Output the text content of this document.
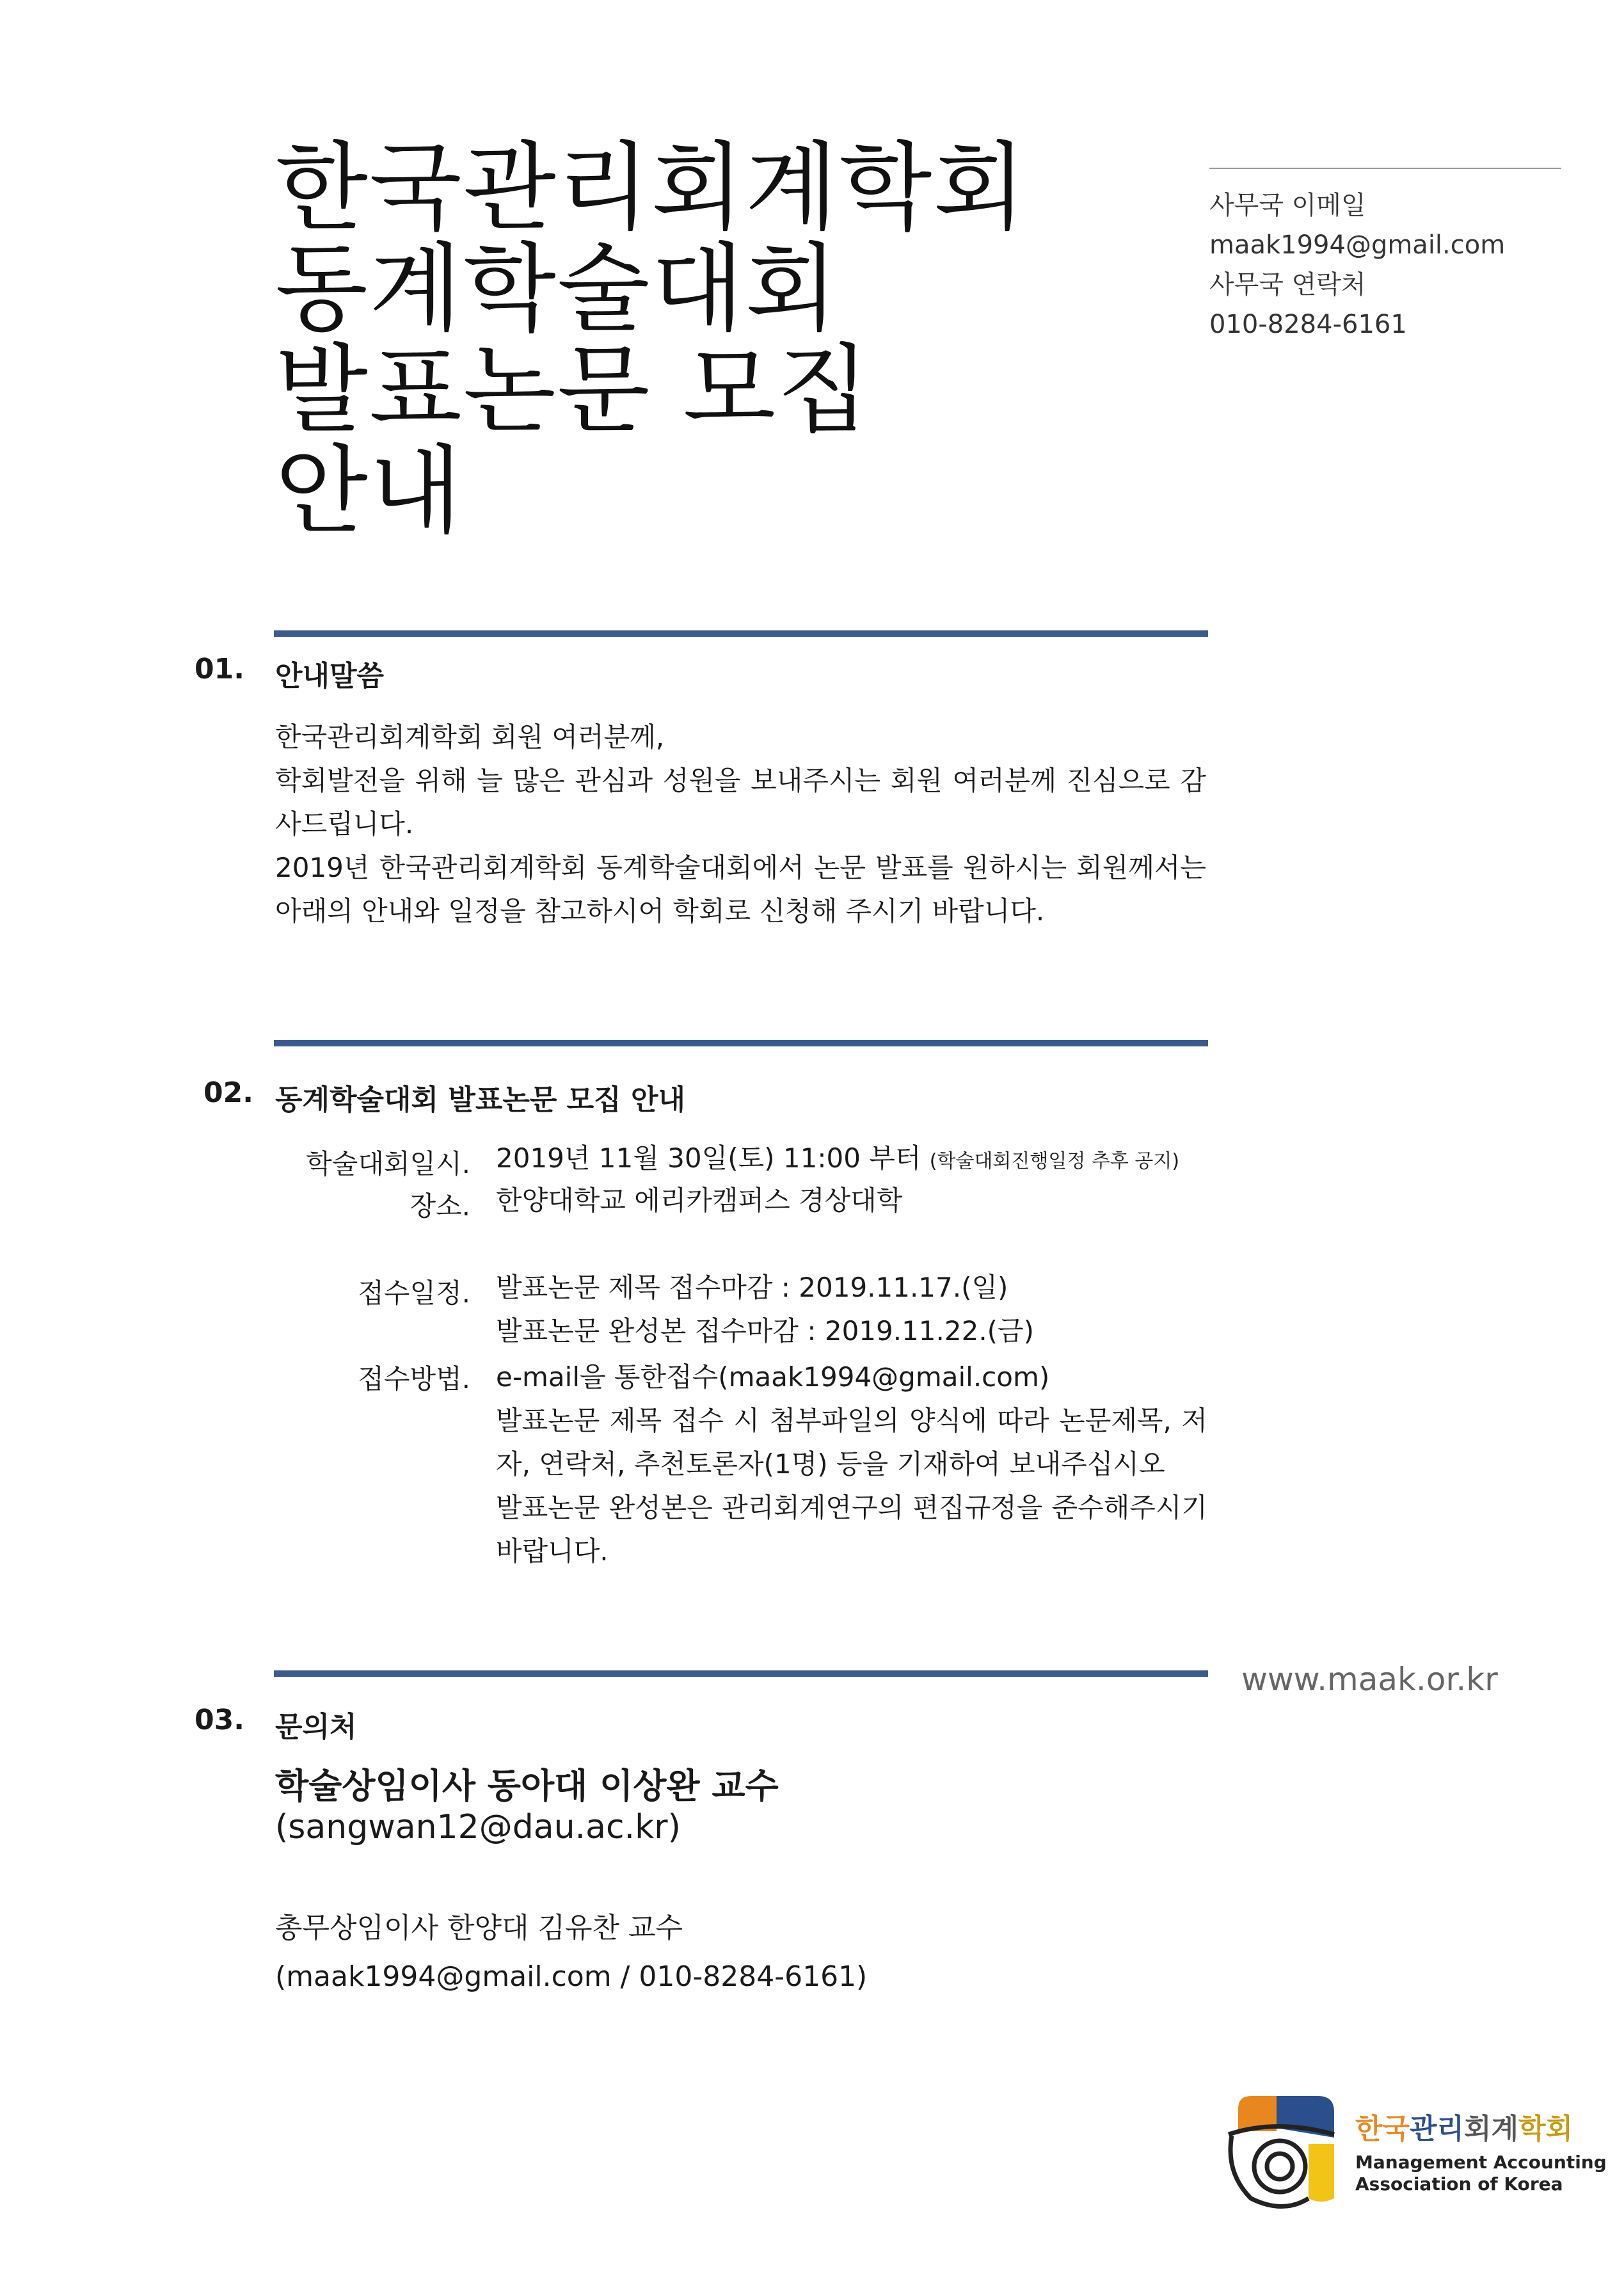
한국관리회계학회
동계학술대회
발표논문 모집
안내
사무국 이메일
maak1994@gmail.com
사무국 연락처
010-8284-6161
01. 안내말씀

한국관리회계학회 회원 여러분께,

학회발전을 위해 늘 많은 관심과 성원을 보내주시는 회원 여러분께 진심으로 감사드립니다.

2019년 한국관리회계학회 동계학술대회에서 논문 발표를 원하시는 회원께서는 아래의 안내와 일정을 참고하시어 학회로 신청해 주시기 바랍니다.

02. 동계학술대회 발표논문 모집 안내
학술대회일시. 2019년 11월 30일(토) 11:00 부터 (학술대회진행일정 추후 공지)
장소. 한양대학교 에리카캠퍼스 경상대학
접수일정. 발표논문 제목 접수마감 : 2019.11.17.(일)
발표논문 완성본 접수마감 : 2019.11.22.(금)
접수방법. e-mail을 통한접수(maak1994@gmail.com)

발표논문 제목 접수 시 첨부파일의 양식에 따라 논문제목, 저자, 연락처, 추천토론자(1명) 등을 기재하여 보내주십시오

발표논문 완성본은 관리회계연구의 편집규정을 준수해주시기 바랍니다.

www.maak.or.kr
03. 문의처
학술상임이사 동아대 이상완 교수
(sangwan12@dau.ac.kr)
총무상임이사 한양대 김유찬 교수
(maak1994@gmail.com / 010-8284-6161)
한국관리회계학회
Management Accounting
Association of Korea
